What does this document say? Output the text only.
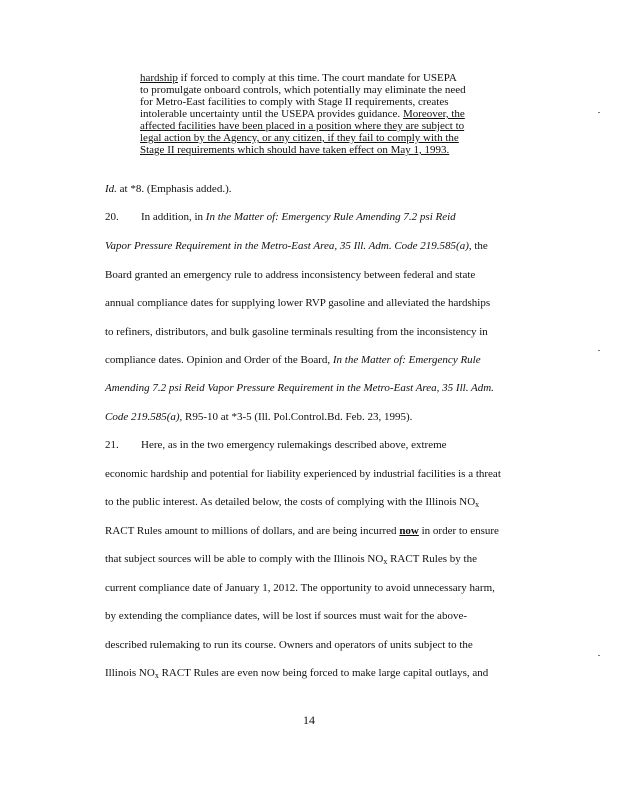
hardship if forced to comply at this time. The court mandate for USEPA
to promulgate onboard controls, which potentially may eliminate the need
for Metro-East facilities to comply with Stage II requirements, creates
intolerable uncertainty until the USEPA provides guidance. Moreover, the
affected facilities have been placed in a position where they are subject to
legal action by the Agency, or any citizen, if they fail to comply with the
Stage II requirements which should have taken effect on May 1, 1993.
Id. at *8. (Emphasis added.).
20. In addition, in In the Matter of: Emergency Rule Amending 7.2 psi Reid
Vapor Pressure Requirement in the Metro-East Area, 35 Ill. Adm. Code 219.585(a), the
Board granted an emergency rule to address inconsistency between federal and state
annual compliance dates for supplying lower RVP gasoline and alleviated the hardships
to refiners, distributors, and bulk gasoline terminals resulting from the inconsistency in
compliance dates. Opinion and Order of the Board, In the Matter of: Emergency Rule
Amending 7.2 psi Reid Vapor Pressure Requirement in the Metro-East Area, 35 Ill. Adm.
Code 219.585(a), R95-10 at *3-5 (Ill. Pol.Control.Bd. Feb. 23, 1995).
21. Here, as in the two emergency rulemakings described above, extreme
economic hardship and potential for liability experienced by industrial facilities is a threat
to the public interest. As detailed below, the costs of complying with the Illinois $NO_x$
RACT Rules amount to millions of dollars, and are being incurred now in order to ensure
that subject sources will be able to comply with the Illinois $NO_x$ RACT Rules by the
current compliance date of January 1, 2012. The opportunity to avoid unnecessary harm,
by extending the compliance dates, will be lost if sources must wait for the above-
described rulemaking to run its course. Owners and operators of units subject to the
Illinois $NO_x$ RACT Rules are even now being forced to make large capital outlays, and
14
